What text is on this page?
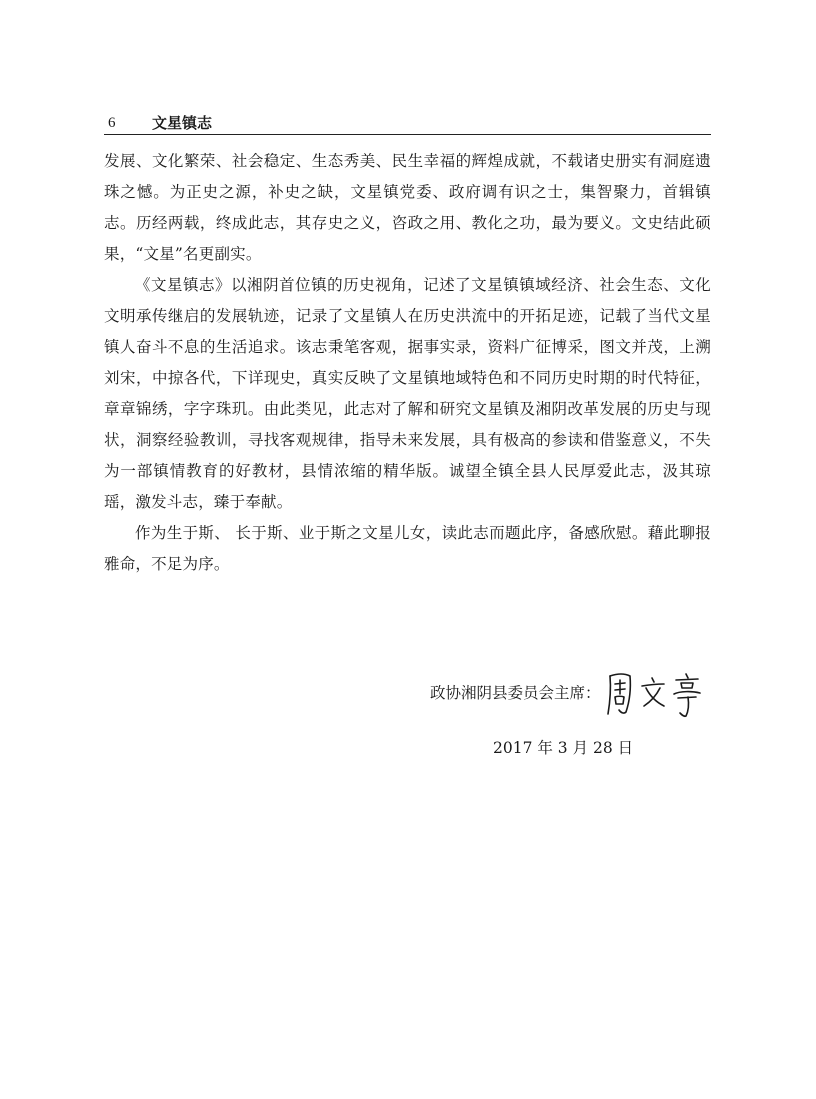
6 文星镇志

发展、文化繁荣、社会稳定、生态秀美、民生幸福的辉煌成就，不载诸史册实有洞庭遗珠之憾。为正史之源，补史之缺，文星镇党委、政府调有识之士，集智聚力，首辑镇志。历经两载，终成此志，其存史之义，咨政之用、教化之功，最为要义。文史结此硕果，“文星”名更副实。

《文星镇志》以湘阴首位镇的历史视角，记述了文星镇镇域经济、社会生态、文化文明承传继启的发展轨迹，记录了文星镇人在历史洪流中的开拓足迹，记载了当代文星镇人奋斗不息的生活追求。该志秉笔客观，据事实录，资料广征博采，图文并茂，上溯刘宋，中掠各代，下详现史，真实反映了文星镇地域特色和不同历史时期的时代特征，章章锦绣，字字珠玑。由此类见，此志对了解和研究文星镇及湘阴改革发展的历史与现状，洞察经验教训，寻找客观规律，指导未来发展，具有极高的参读和借鉴意义，不失为一部镇情教育的好教材，县情浓缩的精华版。诚望全镇全县人民厚爱此志，汲其琼瑶，激发斗志，臻于奉献。

作为生于斯、 长于斯、业于斯之文星儿女，读此志而题此序，备感欣慰。藉此聊报雅命，不足为序。

政协湘阴县委员会主席：
2017 年 3 月 28 日
